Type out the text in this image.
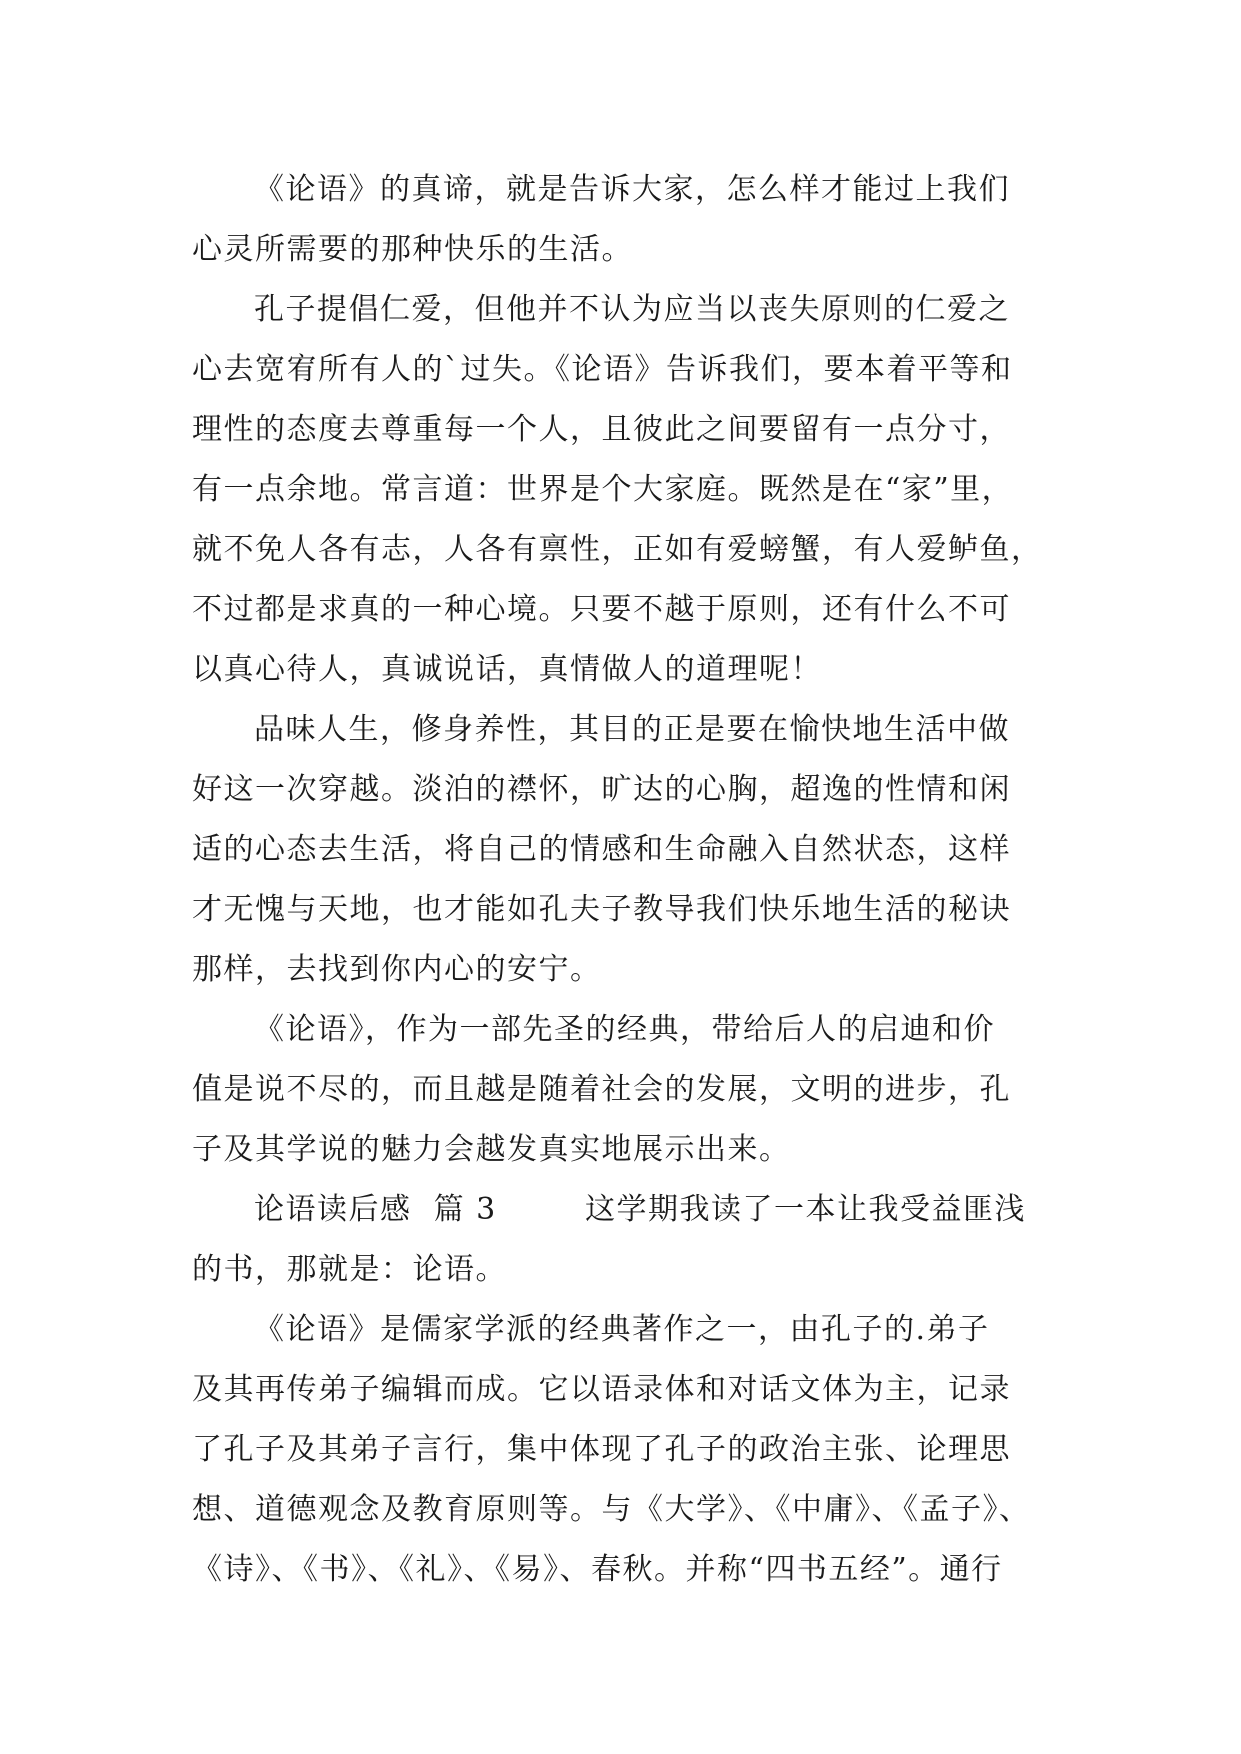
《论语》的真谛，就是告诉大家，怎么样才能过上我们
心灵所需要的那种快乐的生活。
孔子提倡仁爱，但他并不认为应当以丧失原则的仁爱之
心去宽宥所有人的`过失。《论语》告诉我们，要本着平等和
理性的态度去尊重每一个人，且彼此之间要留有一点分寸，
有一点余地。常言道：世界是个大家庭。既然是在“家”里，
就不免人各有志，人各有禀性，正如有爱螃蟹，有人爱鲈鱼，
不过都是求真的一种心境。只要不越于原则，还有什么不可
以真心待人，真诚说话，真情做人的道理呢！
品味人生，修身养性，其目的正是要在愉快地生活中做
好这一次穿越。淡泊的襟怀，旷达的心胸，超逸的性情和闲
适的心态去生活，将自己的情感和生命融入自然状态，这样
才无愧与天地，也才能如孔夫子教导我们快乐地生活的秘诀
那样，去找到你内心的安宁。
《论语》，作为一部先圣的经典，带给后人的启迪和价
值是说不尽的，而且越是随着社会的发展，文明的进步，孔
子及其学说的魅力会越发真实地展示出来。
论语读后感  篇 3        这学期我读了一本让我受益匪浅
的书，那就是：论语。
《论语》是儒家学派的经典著作之一，由孔子的.弟子
及其再传弟子编辑而成。它以语录体和对话文体为主，记录
了孔子及其弟子言行，集中体现了孔子的政治主张、论理思
想、道德观念及教育原则等。与《大学》、《中庸》、《孟子》、
《诗》、《书》、《礼》、《易》、春秋。并称“四书五经”。通行
